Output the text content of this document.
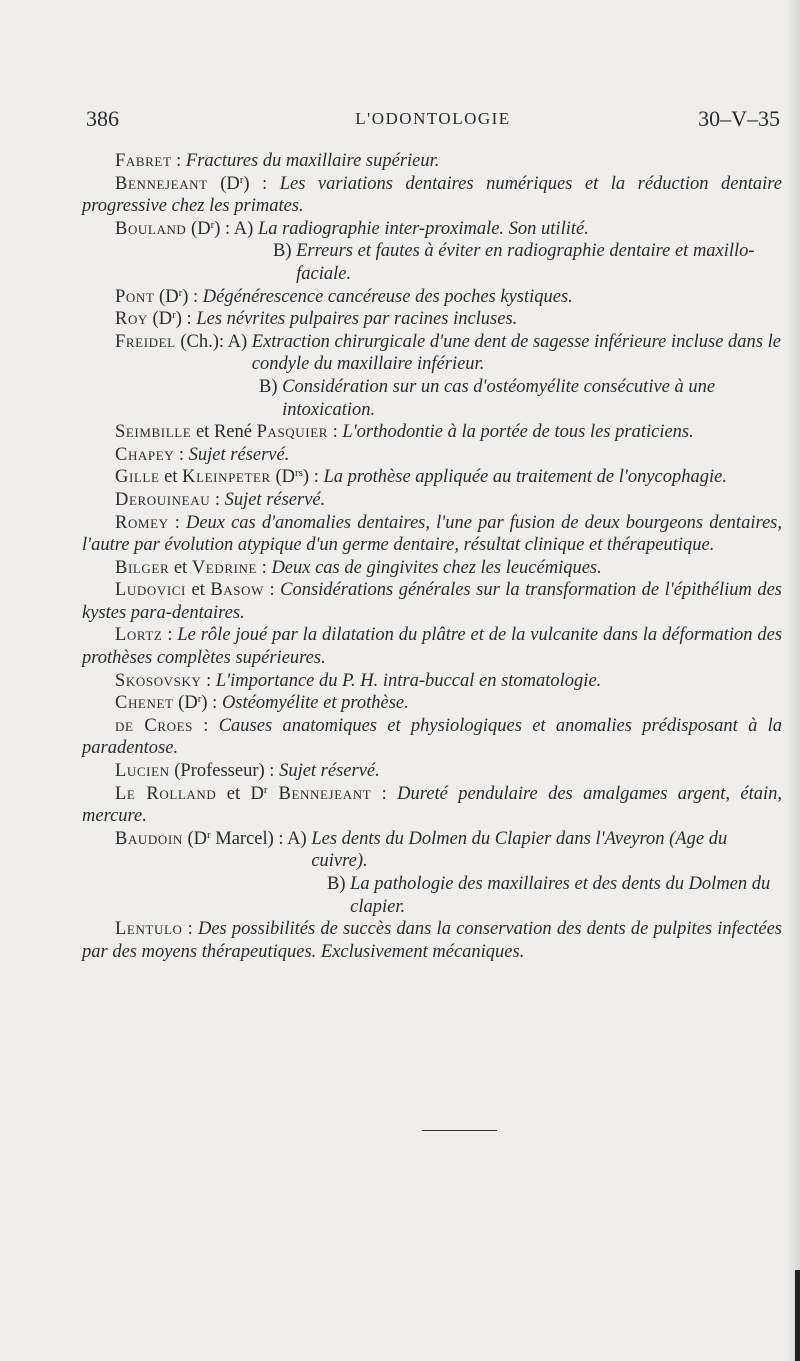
386	L'ODONTOLOGIE	30–V–35

Fabret : Fractures du maxillaire supérieur.

Bennejeant $(D^r)$ : Les variations dentaires numériques et la réduction dentaire progressive chez les primates.

Bouland $(D^r)$ : A) La radiographie inter-proximale. Son utilité.
B) Erreurs et fautes à éviter en radiographie dentaire et maxillo-faciale.

Pont $(D^r)$ : Dégénérescence cancéreuse des poches kystiques.

Roy $(D^r)$ : Les névrites pulpaires par racines incluses.

Freidel (Ch.): A) Extraction chirurgicale d'une dent de sagesse inférieure incluse dans le condyle du maxillaire inférieur.
B) Considération sur un cas d'ostéomyélite consécutive à une intoxication.

Seimbille et René Pasquier : L'orthodontie à la portée de tous les praticiens.

Chapey : Sujet réservé.

Gille et Kleinpeter $(D^{rs})$ : La prothèse appliquée au traitement de l'onycophagie.

Derouineau : Sujet réservé.

Romey : Deux cas d'anomalies dentaires, l'une par fusion de deux bourgeons dentaires, l'autre par évolution atypique d'un germe dentaire, résultat clinique et thérapeutique.

Bilger et Vedrine : Deux cas de gingivites chez les leucémiques.

Ludovici et Basow : Considérations générales sur la transformation de l'épithélium des kystes para-dentaires.

Lortz : Le rôle joué par la dilatation du plâtre et de la vulcanite dans la déformation des prothèses complètes supérieures.

Skosovsky : L'importance du P. H. intra-buccal en stomatologie.

Chenet $(D^r)$ : Ostéomyélite et prothèse.

de Croes : Causes anatomiques et physiologiques et anomalies prédisposant à la paradentose.

Lucien (Professeur) : Sujet réservé.

Le Rolland et $D^r$ Bennejeant : Dureté pendulaire des amalgames argent, étain, mercure.

Baudoin ($D^r$ Marcel) : A) Les dents du Dolmen du Clapier dans l'Aveyron (Age du cuivre).
B) La pathologie des maxillaires et des dents du Dolmen du clapier.

Lentulo : Des possibilités de succès dans la conservation des dents de pulpites infectées par des moyens thérapeutiques. Exclusivement mécaniques.
